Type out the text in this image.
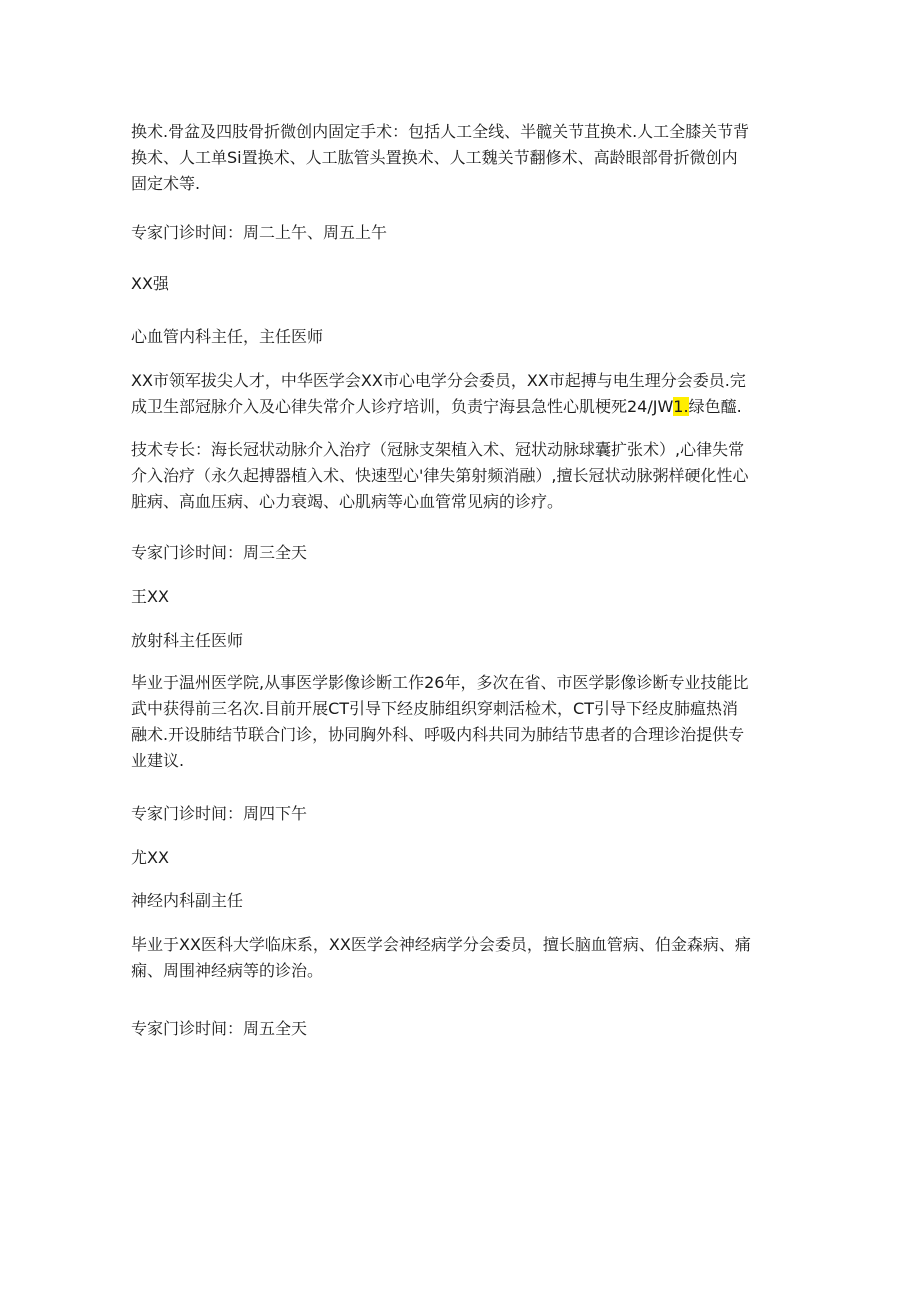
换术.骨盆及四肢骨折微创内固定手术：包括人工全线、半髋关节苴换术.人工全膝关节背
换术、人工单Si置换术、人工肱管头置换术、人工魏关节翻修术、高龄眼部骨折微创内
固定术等.
专家门诊时间：周二上午、周五上午
XX强
心血管内科主任，主任医师
XX市领军拔尖人才，中华医学会XX市心电学分会委员，XX市起搏与电生理分会委员.完
成卫生部冠脉介入及心律失常介人诊疗培训，负责宁海县急性心肌梗死24/JW1.绿色醯.
技术专长：海长冠状动脉介入治疗（冠脉支架植入术、冠状动脉球囊扩张术）,心律失常
介入治疗（永久起搏器植入术、快速型心'律失第射频消融）,擅长冠状动脉粥样硬化性心
脏病、高血压病、心力衰竭、心肌病等心血管常见病的诊疗。
专家门诊时间：周三全天
王XX
放射科主任医师
毕业于温州医学院,从事医学影像诊断工作26年，多次在省、市医学影像诊断专业技能比
武中获得前三名次.目前开展CT引导下经皮肺组织穿刺活检术，CT引导下经皮肺瘟热消
融术.开设肺结节联合门诊，协同胸外科、呼吸内科共同为肺结节患者的合理诊治提供专
业建议.
专家门诊时间：周四下午
尤XX
神经内科副主任
毕业于XX医科大学临床系，XX医学会神经病学分会委员，擅长脑血管病、伯金森病、痛
痫、周围神经病等的诊治。
专家门诊时间：周五全天
